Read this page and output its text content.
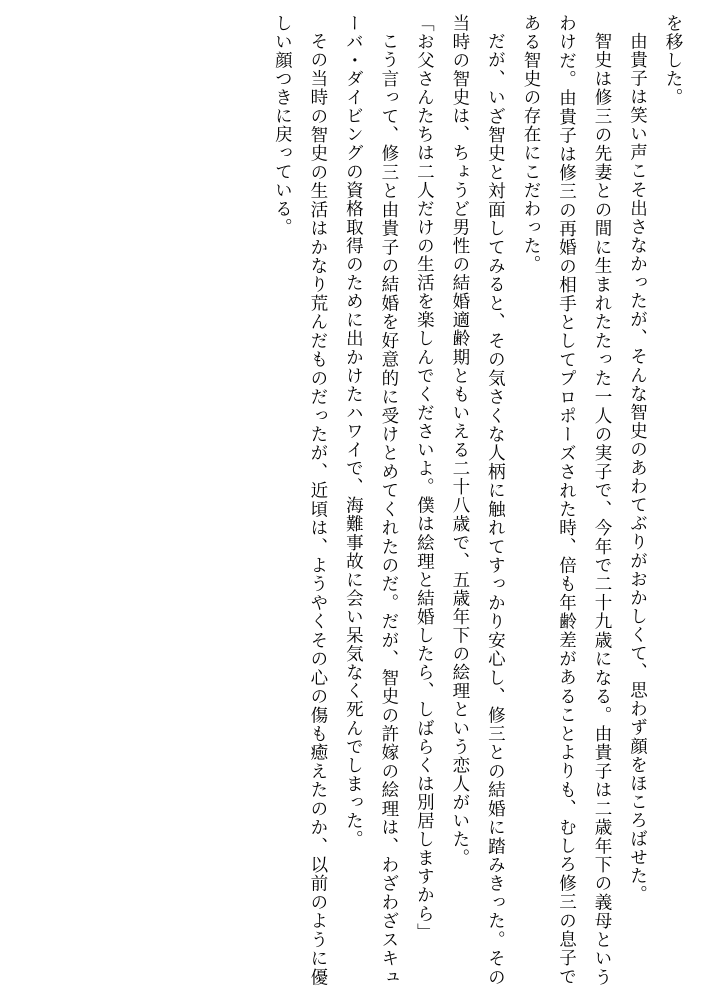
を移した。
由貴子は笑い声こそ出さなかったが、そんな智史のあわてぶりがおかしくて、思わず顔をほころばせた。
智史は修三の先妻との間に生まれたたった一人の実子で、今年で二十九歳になる。由貴子は二歳年下の義母というわけだ。由貴子は修三の再婚の相手としてプロポーズされた時、倍も年齢差があることよりも、むしろ修三の息子である智史の存在にこだわった。
だが、いざ智史と対面してみると、その気さくな人柄に触れてすっかり安心し、修三との結婚に踏みきった。その当時の智史は、ちょうど男性の結婚適齢期ともいえる二十八歳で、五歳年下の絵理という恋人がいた。
「お父さんたちは二人だけの生活を楽しんでくださいよ。僕は絵理と結婚したら、しばらくは別居しますから」
こう言って、修三と由貴子の結婚を好意的に受けとめてくれたのだ。だが、智史の許嫁の絵理は、わざわざスキューバ・ダイビングの資格取得のために出かけたハワイで、海難事故に会い呆気なく死んでしまった。
その当時の智史の生活はかなり荒んだものだったが、近頃は、ようやくその心の傷も癒えたのか、以前のように優しい顔つきに戻っている。
